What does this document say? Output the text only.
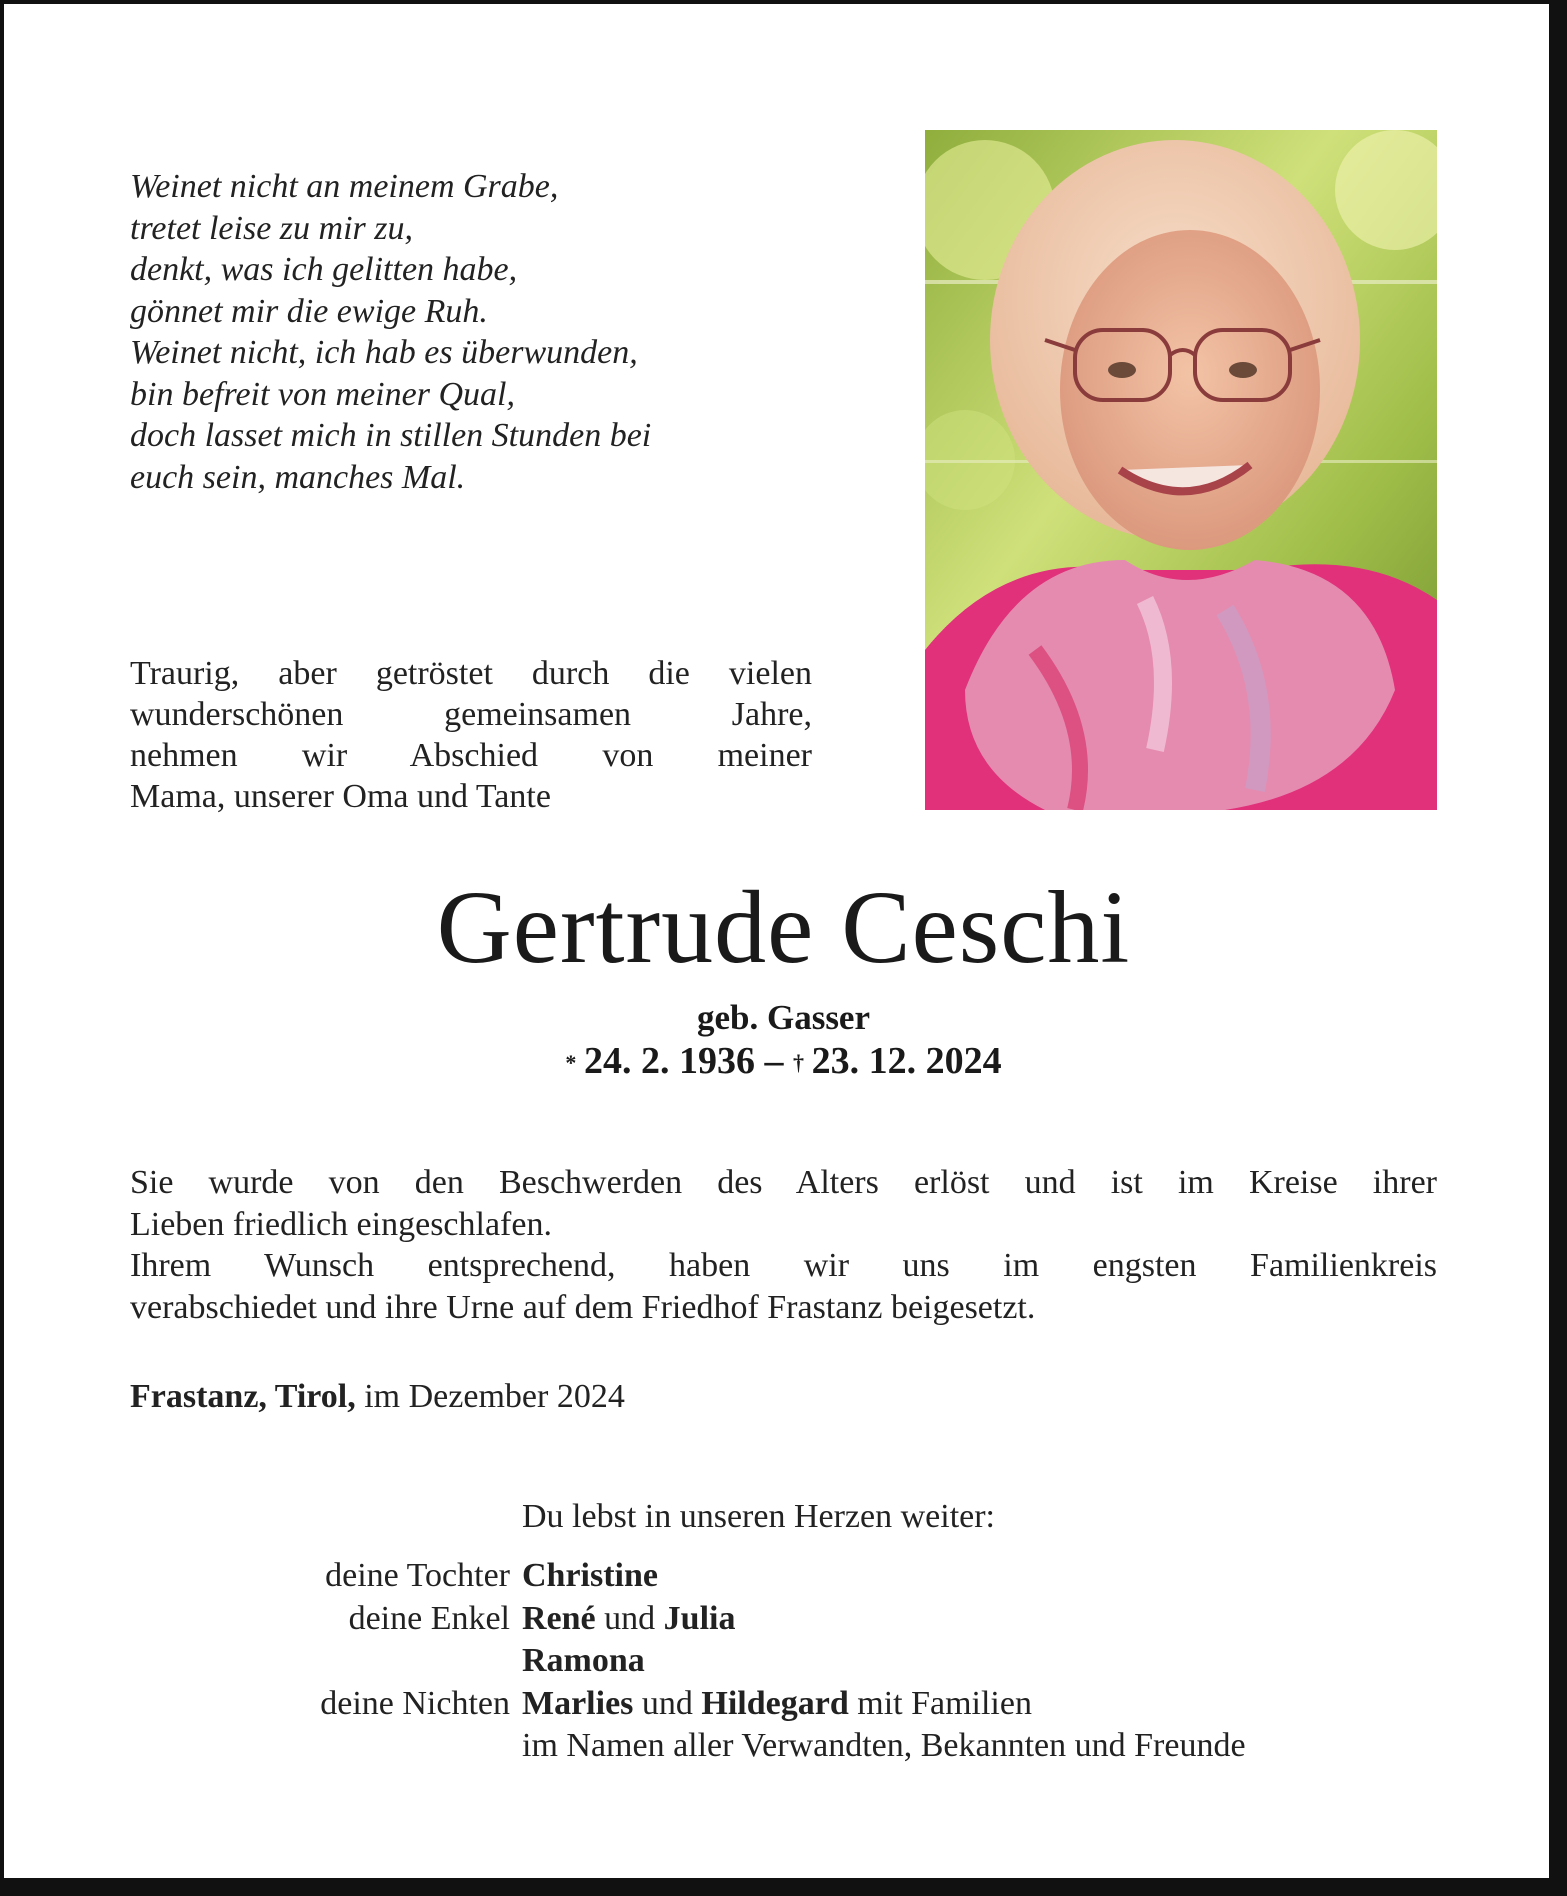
Weinet nicht an meinem Grabe,
tretet leise zu mir zu,
denkt, was ich gelitten habe,
gönnet mir die ewige Ruh.
Weinet nicht, ich hab es überwunden,
bin befreit von meiner Qual,
doch lasset mich in stillen Stunden bei
euch sein, manches Mal.
Traurig, aber getröstet durch die vielen
wunderschönen gemeinsamen Jahre,
nehmen wir Abschied von meiner
Mama, unserer Oma und Tante
Gertrude Ceschi
geb. Gasser
*  24. 2. 1936 – †  23. 12. 2024
Sie wurde von den Beschwerden des Alters erlöst und ist im Kreise ihrer
Lieben friedlich eingeschlafen.
Ihrem Wunsch entsprechend, haben wir uns im engsten Familienkreis
verabschiedet und ihre Urne auf dem Friedhof Frastanz beigesetzt.
Frastanz, Tirol, im Dezember 2024
Du lebst in unseren Herzen weiter:
deine Tochter Christine
deine Enkel René und Julia
Ramona
deine Nichten Marlies und Hildegard mit Familien
im Namen aller Verwandten, Bekannten und Freunde
